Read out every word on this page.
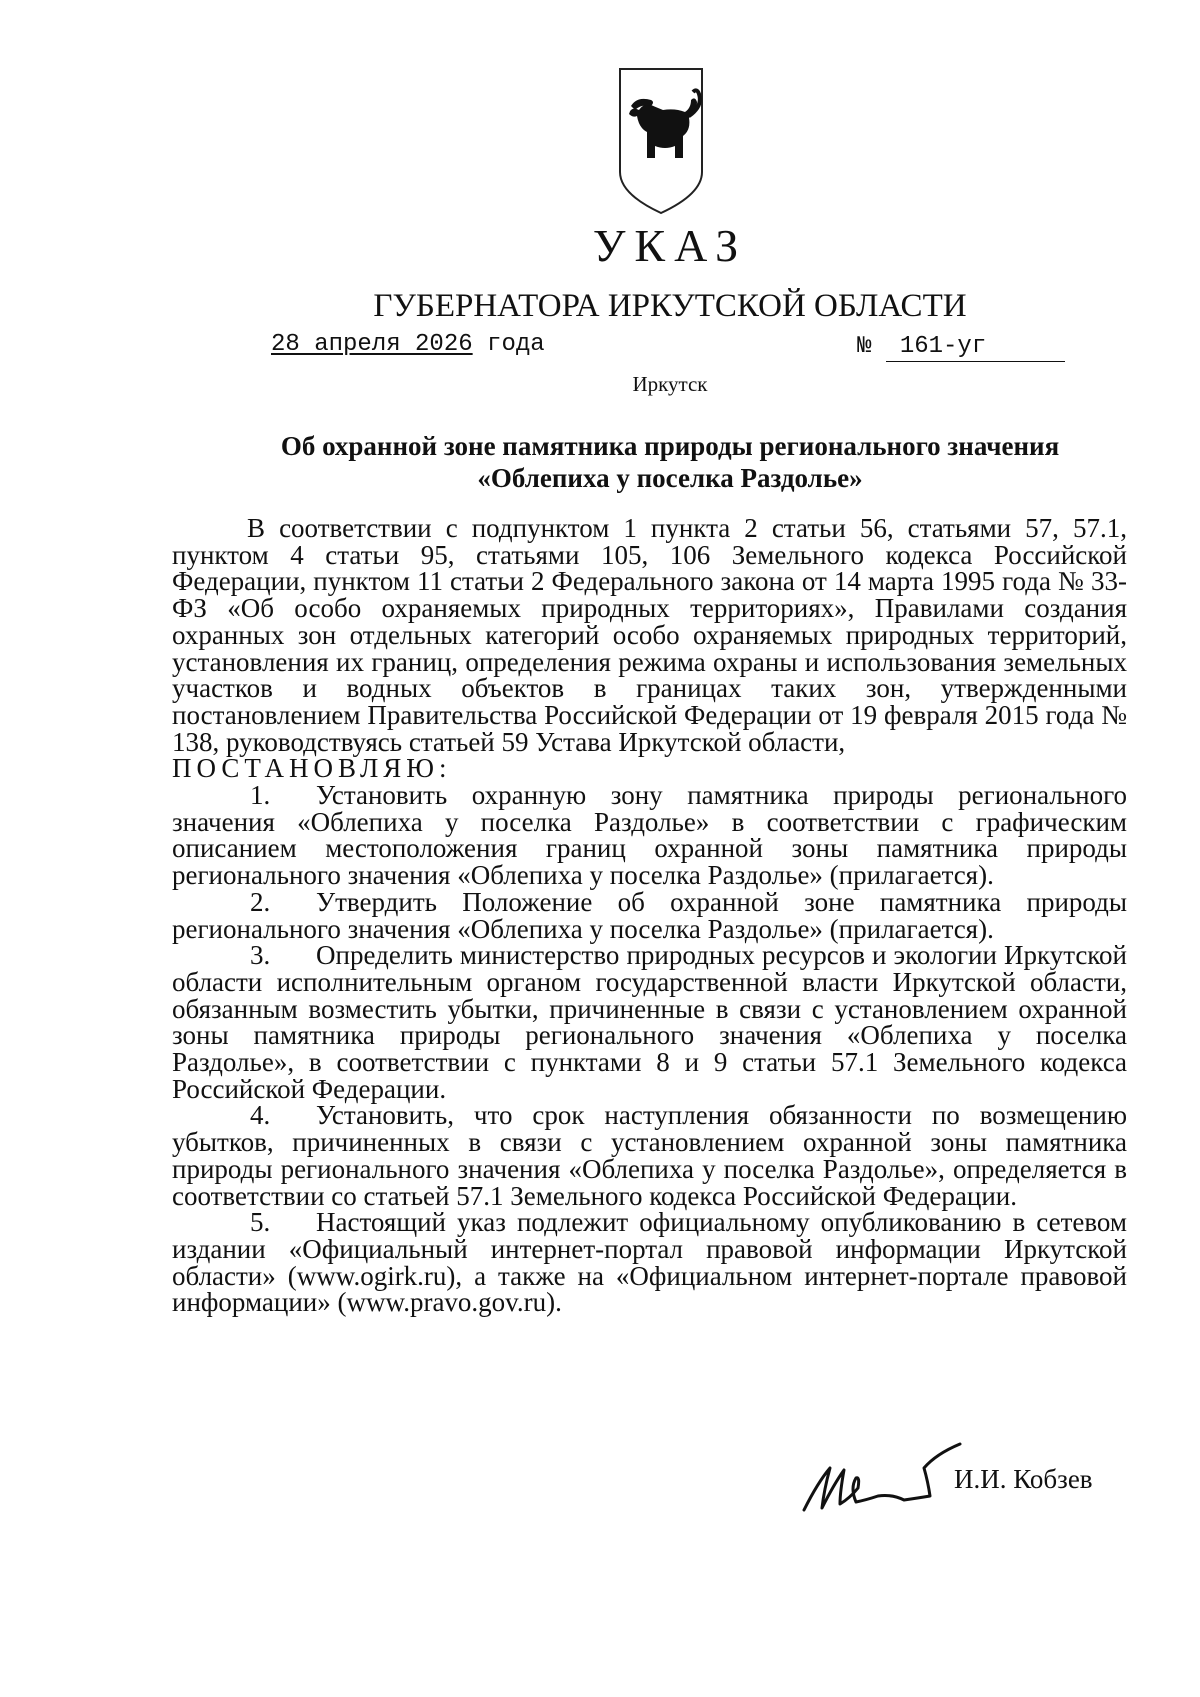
УКАЗ
ГУБЕРНАТОРА ИРКУТСКОЙ ОБЛАСТИ
28 апреля 2026 года	№ 161-уг
Иркутск
Об охранной зоне памятника природы регионального значения
«Облепиха у поселка Раздолье»

В соответствии с подпунктом 1 пункта 2 статьи 56, статьями 57, 57.1, пунктом 4 статьи 95, статьями 105, 106 Земельного кодекса Российской Федерации, пунктом 11 статьи 2 Федерального закона от 14 марта 1995 года № 33-ФЗ «Об особо охраняемых природных территориях», Правилами создания охранных зон отдельных категорий особо охраняемых природных территорий, установления их границ, определения режима охраны и использования земельных участков и водных объектов в границах таких зон, утвержденными постановлением Правительства Российской Федерации от 19 февраля 2015 года № 138, руководствуясь статьей 59 Устава Иркутской области,

ПОСТАНОВЛЯЮ:

1. Установить охранную зону памятника природы регионального значения «Облепиха у поселка Раздолье» в соответствии с графическим описанием местоположения границ охранной зоны памятника природы регионального значения «Облепиха у поселка Раздолье» (прилагается).

2. Утвердить Положение об охранной зоне памятника природы регионального значения «Облепиха у поселка Раздолье» (прилагается).

3. Определить министерство природных ресурсов и экологии Иркутской области исполнительным органом государственной власти Иркутской области, обязанным возместить убытки, причиненные в связи с установлением охранной зоны памятника природы регионального значения «Облепиха у поселка Раздолье», в соответствии с пунктами 8 и 9 статьи 57.1 Земельного кодекса Российской Федерации.

4. Установить, что срок наступления обязанности по возмещению убытков, причиненных в связи с установлением охранной зоны памятника природы регионального значения «Облепиха у поселка Раздолье», определяется в соответствии со статьей 57.1 Земельного кодекса Российской Федерации.

5. Настоящий указ подлежит официальному опубликованию в сетевом издании «Официальный интернет-портал правовой информации Иркутской области» (www.ogirk.ru), а также на «Официальном интернет-портале правовой информации» (www.pravo.gov.ru).

И.И. Кобзев
